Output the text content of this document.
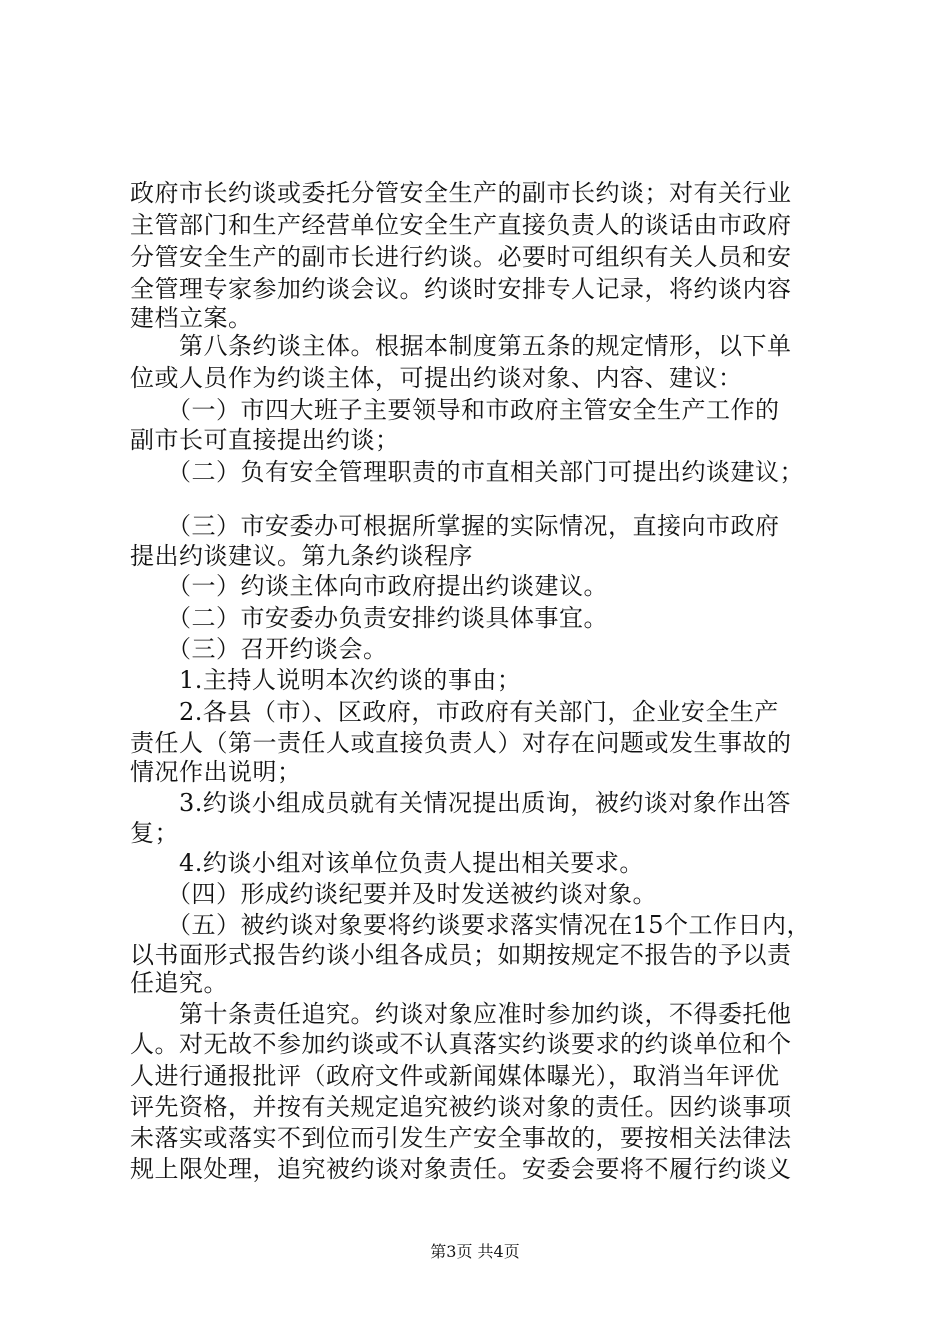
政府市长约谈或委托分管安全生产的副市长约谈；对有关行业
主管部门和生产经营单位安全生产直接负责人的谈话由市政府
分管安全生产的副市长进行约谈。必要时可组织有关人员和安
全管理专家参加约谈会议。约谈时安排专人记录，将约谈内容
建档立案。
　　第八条约谈主体。根据本制度第五条的规定情形，以下单
位或人员作为约谈主体，可提出约谈对象、内容、建议：
　　（一）市四大班子主要领导和市政府主管安全生产工作的
副市长可直接提出约谈；
　　（二）负有安全管理职责的市直相关部门可提出约谈建议；
　　（三）市安委办可根据所掌握的实际情况，直接向市政府
提出约谈建议。第九条约谈程序
　　（一）约谈主体向市政府提出约谈建议。
　　（二）市安委办负责安排约谈具体事宜。
　　（三）召开约谈会。
　　1.主持人说明本次约谈的事由；
　　2.各县（市）、区政府，市政府有关部门，企业安全生产
责任人（第一责任人或直接负责人）对存在问题或发生事故的
情况作出说明；
　　3.约谈小组成员就有关情况提出质询，被约谈对象作出答
复；
　　4.约谈小组对该单位负责人提出相关要求。
　　（四）形成约谈纪要并及时发送被约谈对象。
　　（五）被约谈对象要将约谈要求落实情况在15个工作日内，
以书面形式报告约谈小组各成员；如期按规定不报告的予以责
任追究。
　　第十条责任追究。约谈对象应准时参加约谈，不得委托他
人。对无故不参加约谈或不认真落实约谈要求的约谈单位和个
人进行通报批评（政府文件或新闻媒体曝光），取消当年评优
评先资格，并按有关规定追究被约谈对象的责任。因约谈事项
未落实或落实不到位而引发生产安全事故的，要按相关法律法
规上限处理，追究被约谈对象责任。安委会要将不履行约谈义
第3页 共4页
